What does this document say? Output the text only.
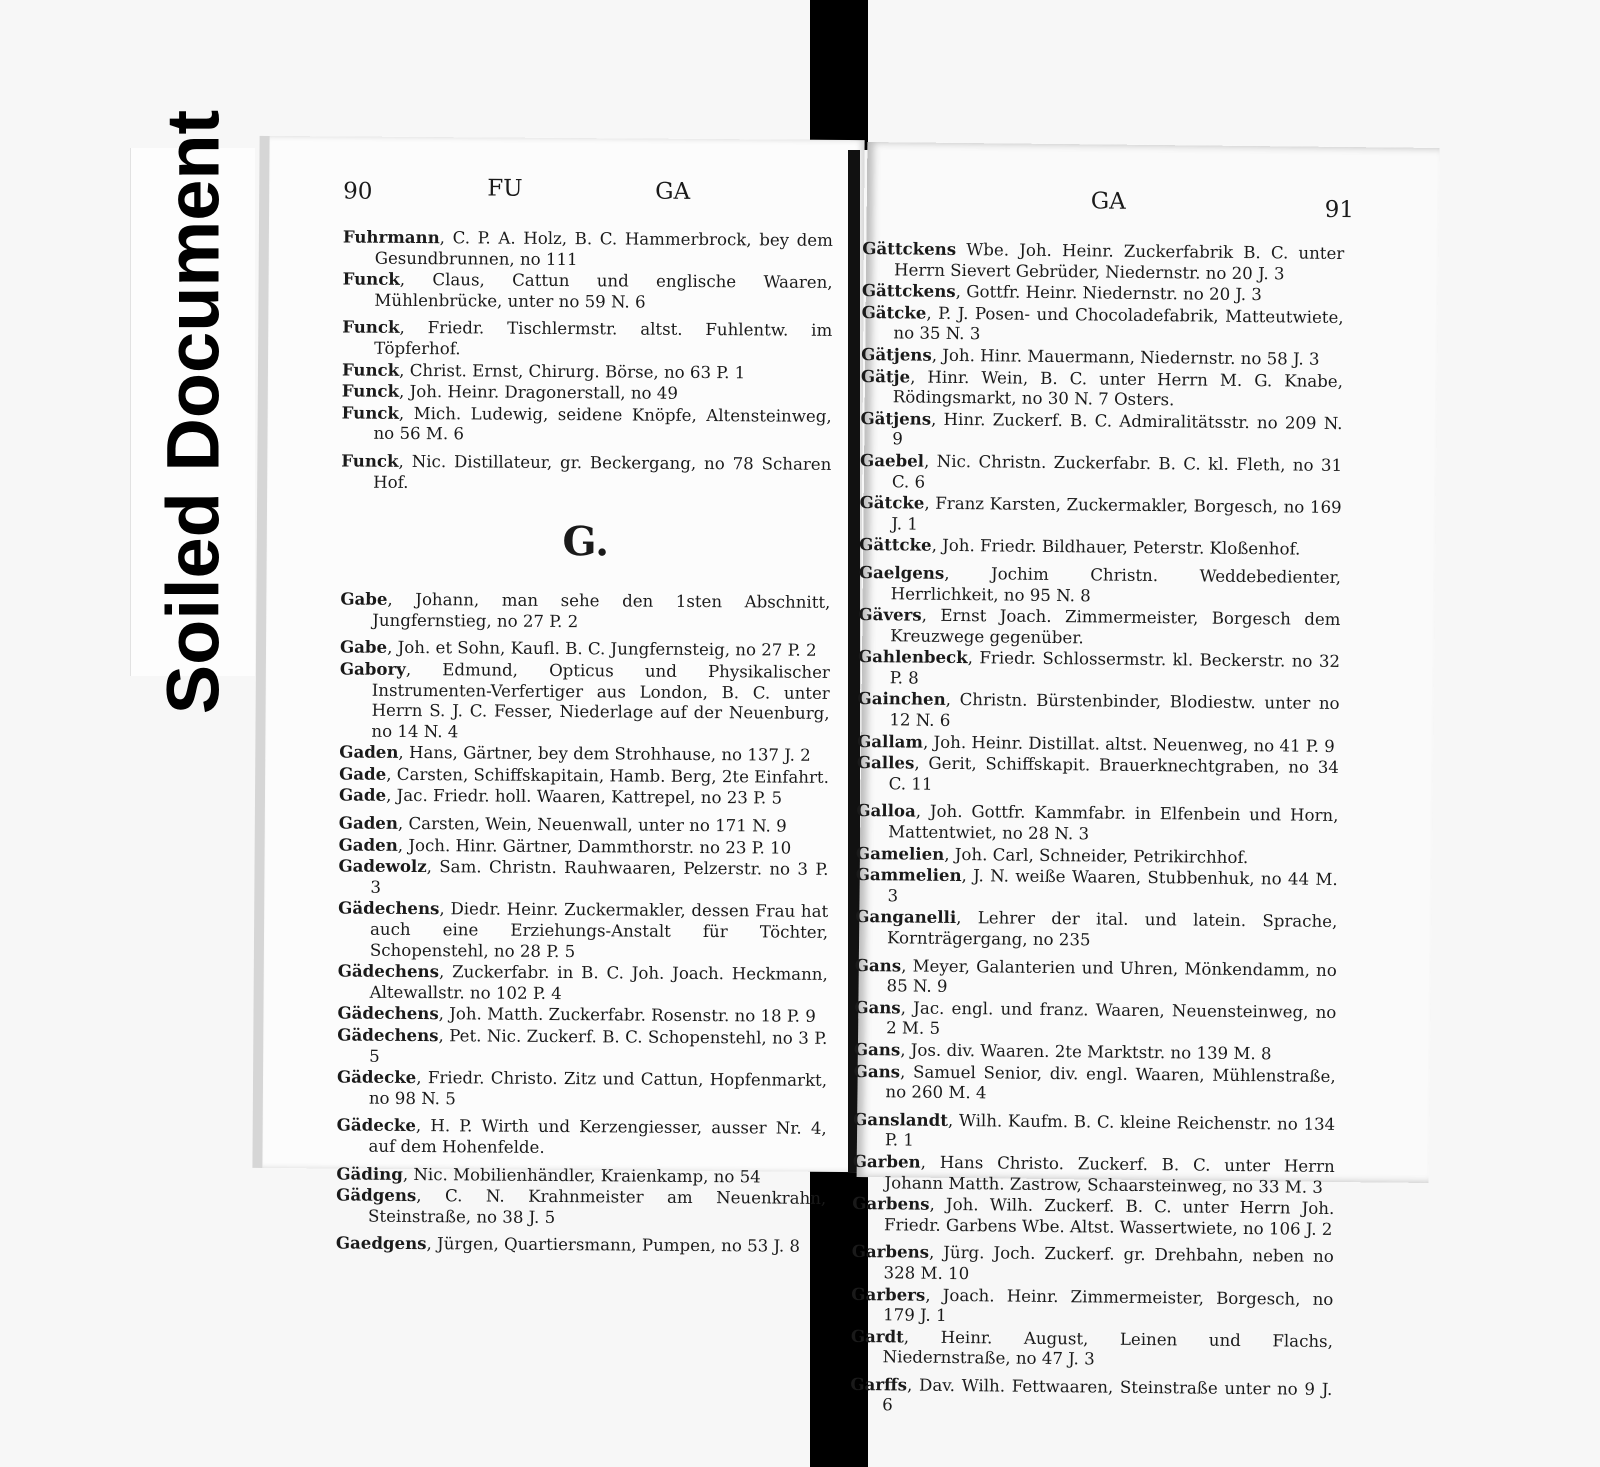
Soiled Document	90	FU	GA
Fuhrmann, C. P. A. Holz, B. C. Hammerbrock, bey dem Gesundbrunnen, no 111
Funck, Claus, Cattun und englische Waaren, Mühlenbrücke, unter no 59 N. 6
Funck, Friedr. Tischlermstr. altst. Fuhlentw. im Töpferhof.
Funck, Christ. Ernst, Chirurg. Börse, no 63 P. 1
Funck, Joh. Heinr. Dragonerstall, no 49
Funck, Mich. Ludewig, seidene Knöpfe, Altensteinweg, no 56 M. 6
Funck, Nic. Distillateur, gr. Beckergang, no 78 Scharen Hof.
G.
Gabe, Johann, man sehe den 1sten Abschnitt, Jungfernstieg, no 27 P. 2
Gabe, Joh. et Sohn, Kaufl. B. C. Jungfernsteig, no 27 P. 2
Gabory, Edmund, Opticus und Physikalischer Instrumenten-Verfertiger aus London, B. C. unter Herrn S. J. C. Fesser, Niederlage auf der Neuenburg, no 14 N. 4
Gaden, Hans, Gärtner, bey dem Strohhause, no 137 J. 2
Gade, Carsten, Schiffskapitain, Hamb. Berg, 2te Einfahrt.
Gade, Jac. Friedr. holl. Waaren, Kattrepel, no 23 P. 5
Gaden, Carsten, Wein, Neuenwall, unter no 171 N. 9
Gaden, Joch. Hinr. Gärtner, Dammthorstr. no 23 P. 10
Gadewolz, Sam. Christn. Rauhwaaren, Pelzerstr. no 3 P. 3
Gädechens, Diedr. Heinr. Zuckermakler, dessen Frau hat auch eine Erziehungs-Anstalt für Töchter, Schopenstehl, no 28 P. 5
Gädechens, Zuckerfabr. in B. C. Joh. Joach. Heckmann, Altewallstr. no 102 P. 4
Gädechens, Joh. Matth. Zuckerfabr. Rosenstr. no 18 P. 9
Gädechens, Pet. Nic. Zuckerf. B. C. Schopenstehl, no 3 P. 5
Gädecke, Friedr. Christo. Zitz und Cattun, Hopfenmarkt, no 98 N. 5
Gädecke, H. P. Wirth und Kerzengiesser, ausser Nr. 4, auf dem Hohenfelde.
Gäding, Nic. Mobilienhändler, Kraienkamp, no 54
Gädgens, C. N. Krahnmeister am Neuenkrahn, Steinstraße, no 38 J. 5
Gaedgens, Jürgen, Quartiersmann, Pumpen, no 53 J. 8
GA	91
Gättckens Wbe. Joh. Heinr. Zuckerfabrik B. C. unter Herrn Sievert Gebrüder, Niedernstr. no 20 J. 3
Gättckens, Gottfr. Heinr. Niedernstr. no 20 J. 3
Gätcke, P. J. Posen- und Chocoladefabrik, Matteutwiete, no 35 N. 3
Gätjens, Joh. Hinr. Mauermann, Niedernstr. no 58 J. 3
Gätje, Hinr. Wein, B. C. unter Herrn M. G. Knabe, Rödingsmarkt, no 30 N. 7 Osters.
Gätjens, Hinr. Zuckerf. B. C. Admiralitätsstr. no 209 N. 9
Gaebel, Nic. Christn. Zuckerfabr. B. C. kl. Fleth, no 31 C. 6
Gätcke, Franz Karsten, Zuckermakler, Borgesch, no 169 J. 1
Gättcke, Joh. Friedr. Bildhauer, Peterstr. Kloßenhof.
Gaelgens, Jochim Christn. Weddebedienter, Herrlichkeit, no 95 N. 8
Gävers, Ernst Joach. Zimmermeister, Borgesch dem Kreuzwege gegenüber.
Gahlenbeck, Friedr. Schlossermstr. kl. Beckerstr. no 32 P. 8
Gainchen, Christn. Bürstenbinder, Blodiestw. unter no 12 N. 6
Gallam, Joh. Heinr. Distillat. altst. Neuenweg, no 41 P. 9
Galles, Gerit, Schiffskapit. Brauerknechtgraben, no 34 C. 11
Galloa, Joh. Gottfr. Kammfabr. in Elfenbein und Horn, Mattentwiet, no 28 N. 3
Gamelien, Joh. Carl, Schneider, Petrikirchhof.
Gammelien, J. N. weiße Waaren, Stubbenhuk, no 44 M. 3
Ganganelli, Lehrer der ital. und latein. Sprache, Kornträgergang, no 235
Gans, Meyer, Galanterien und Uhren, Mönkendamm, no 85 N. 9
Gans, Jac. engl. und franz. Waaren, Neuensteinweg, no 2 M. 5
Gans, Jos. div. Waaren. 2te Marktstr. no 139 M. 8
Gans, Samuel Senior, div. engl. Waaren, Mühlenstraße, no 260 M. 4
Ganslandt, Wilh. Kaufm. B. C. kleine Reichenstr. no 134 P. 1
Garben, Hans Christo. Zuckerf. B. C. unter Herrn Johann Matth. Zastrow, Schaarsteinweg, no 33 M. 3
Garbens, Joh. Wilh. Zuckerf. B. C. unter Herrn Joh. Friedr. Garbens Wbe. Altst. Wassertwiete, no 106 J. 2
Garbens, Jürg. Joch. Zuckerf. gr. Drehbahn, neben no 328 M. 10
Garbers, Joach. Heinr. Zimmermeister, Borgesch, no 179 J. 1
Gardt, Heinr. August, Leinen und Flachs, Niedernstraße, no 47 J. 3
Garffs, Dav. Wilh. Fettwaaren, Steinstraße unter no 9 J. 6
